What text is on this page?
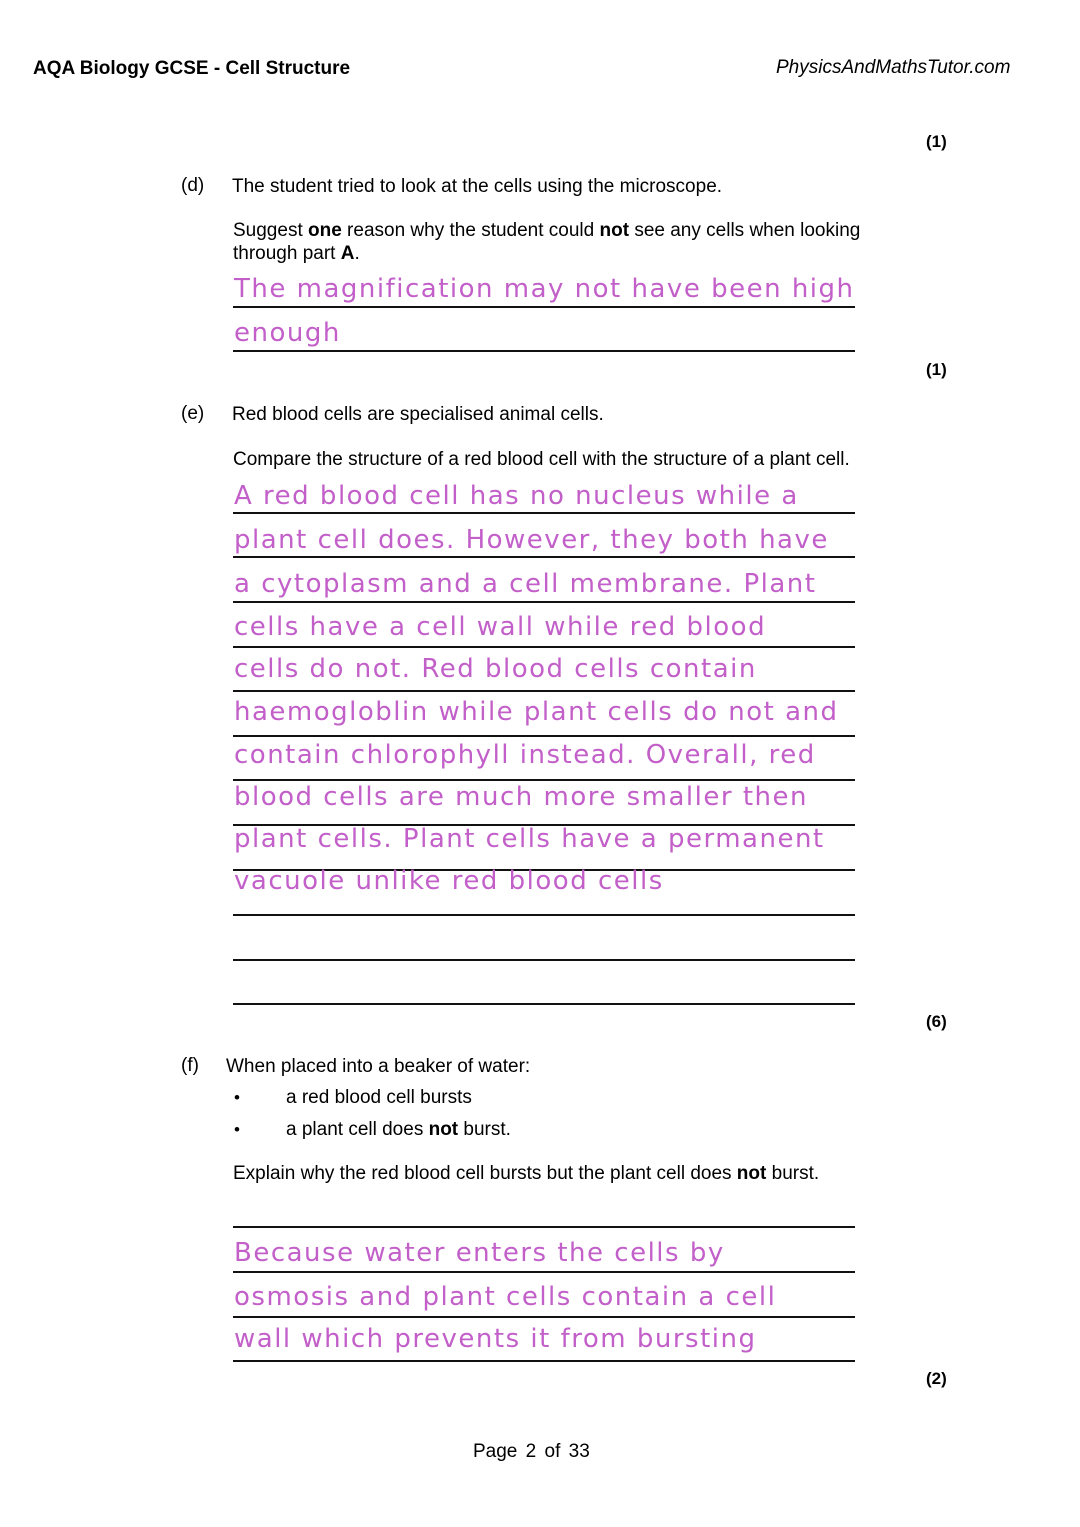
AQA Biology GCSE - Cell Structure	PhysicsAndMathsTutor.com
(1)
(d) The student tried to look at the cells using the microscope.
Suggest one reason why the student could not see any cells when looking
through part A.
The magnification may not have been high
enough
(1)
(e) Red blood cells are specialised animal cells.
Compare the structure of a red blood cell with the structure of a plant cell.
A red blood cell has no nucleus while a
plant cell does. However, they both have
a cytoplasm and a cell membrane. Plant
cells have a cell wall while red blood
cells do not. Red blood cells contain
haemogloblin while plant cells do not and
contain chlorophyll instead. Overall, red
blood cells are much more smaller then
plant cells. Plant cells have a permanent
vacuole unlike red blood cells
(6)
(f) When placed into a beaker of water:
• a red blood cell bursts
• a plant cell does not burst.
Explain why the red blood cell bursts but the plant cell does not burst.
Because water enters the cells by
osmosis and plant cells contain a cell
wall which prevents it from bursting
(2)
Page 2 of 33
